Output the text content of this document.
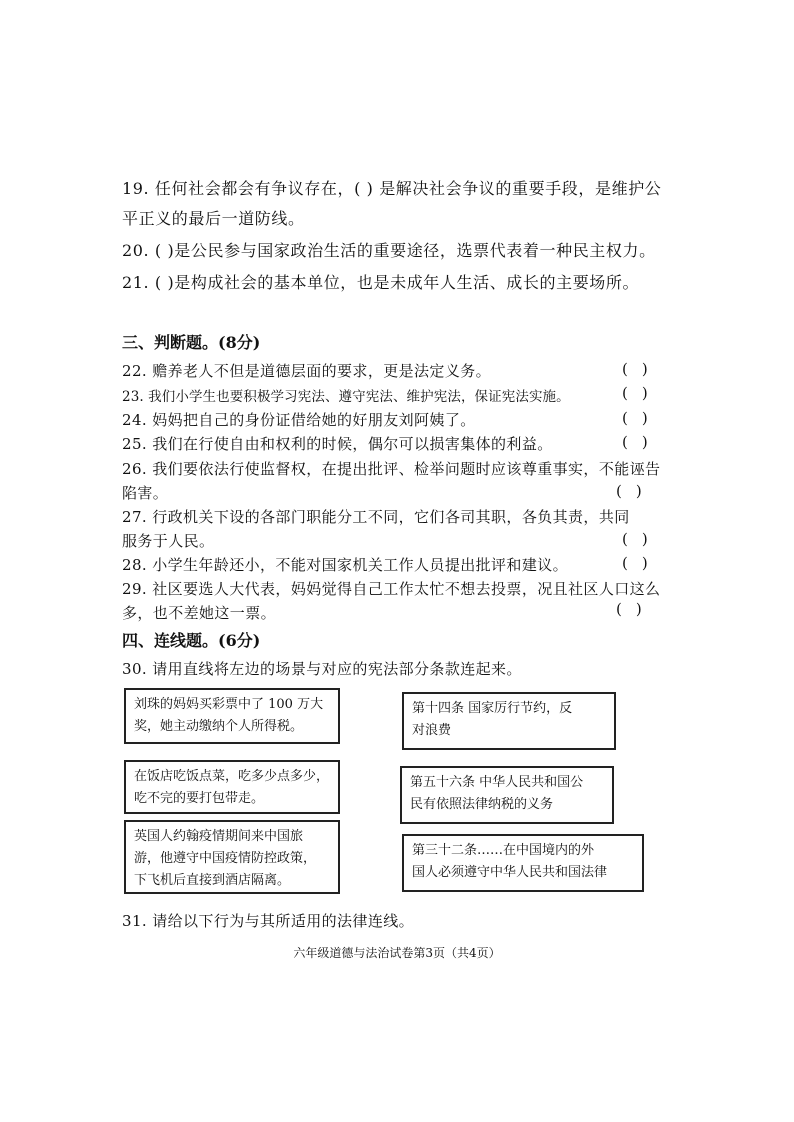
19. 任何社会都会有争议存在，( ) 是解决社会争议的重要手段，是维护公
平正义的最后一道防线。
20. ( )是公民参与国家政治生活的重要途径，选票代表着一种民主权力。
21. ( )是构成社会的基本单位，也是未成年人生活、成长的主要场所。
三、判断题。(8分)
22. 赡养老人不但是道德层面的要求，更是法定义务。	()
23. 我们小学生也要积极学习宪法、遵守宪法、维护宪法，保证宪法实施。	()
24. 妈妈把自己的身份证借给她的好朋友刘阿姨了。	()
25. 我们在行使自由和权利的时候，偶尔可以损害集体的利益。	()
26. 我们要依法行使监督权，在提出批评、检举问题时应该尊重事实，不能诬告
陷害。	()
27. 行政机关下设的各部门职能分工不同，它们各司其职，各负其责，共同
服务于人民。	()
28. 小学生年龄还小，不能对国家机关工作人员提出批评和建议。	()
29. 社区要选人大代表，妈妈觉得自己工作太忙不想去投票，况且社区人口这么
多，也不差她这一票。	()
四、连线题。(6分)
30. 请用直线将左边的场景与对应的宪法部分条款连起来。
刘珠的妈妈买彩票中了 100 万大
奖，她主动缴纳个人所得税。
在饭店吃饭点菜，吃多少点多少，
吃不完的要打包带走。
英国人约翰疫情期间来中国旅
游，他遵守中国疫情防控政策，
下飞机后直接到酒店隔离。
第十四条 国家厉行节约，反
对浪费
第五十六条 中华人民共和国公
民有依照法律纳税的义务
第三十二条……在中国境内的外
国人必须遵守中华人民共和国法律
31. 请给以下行为与其所适用的法律连线。
六年级道德与法治试卷第3页（共4页）
